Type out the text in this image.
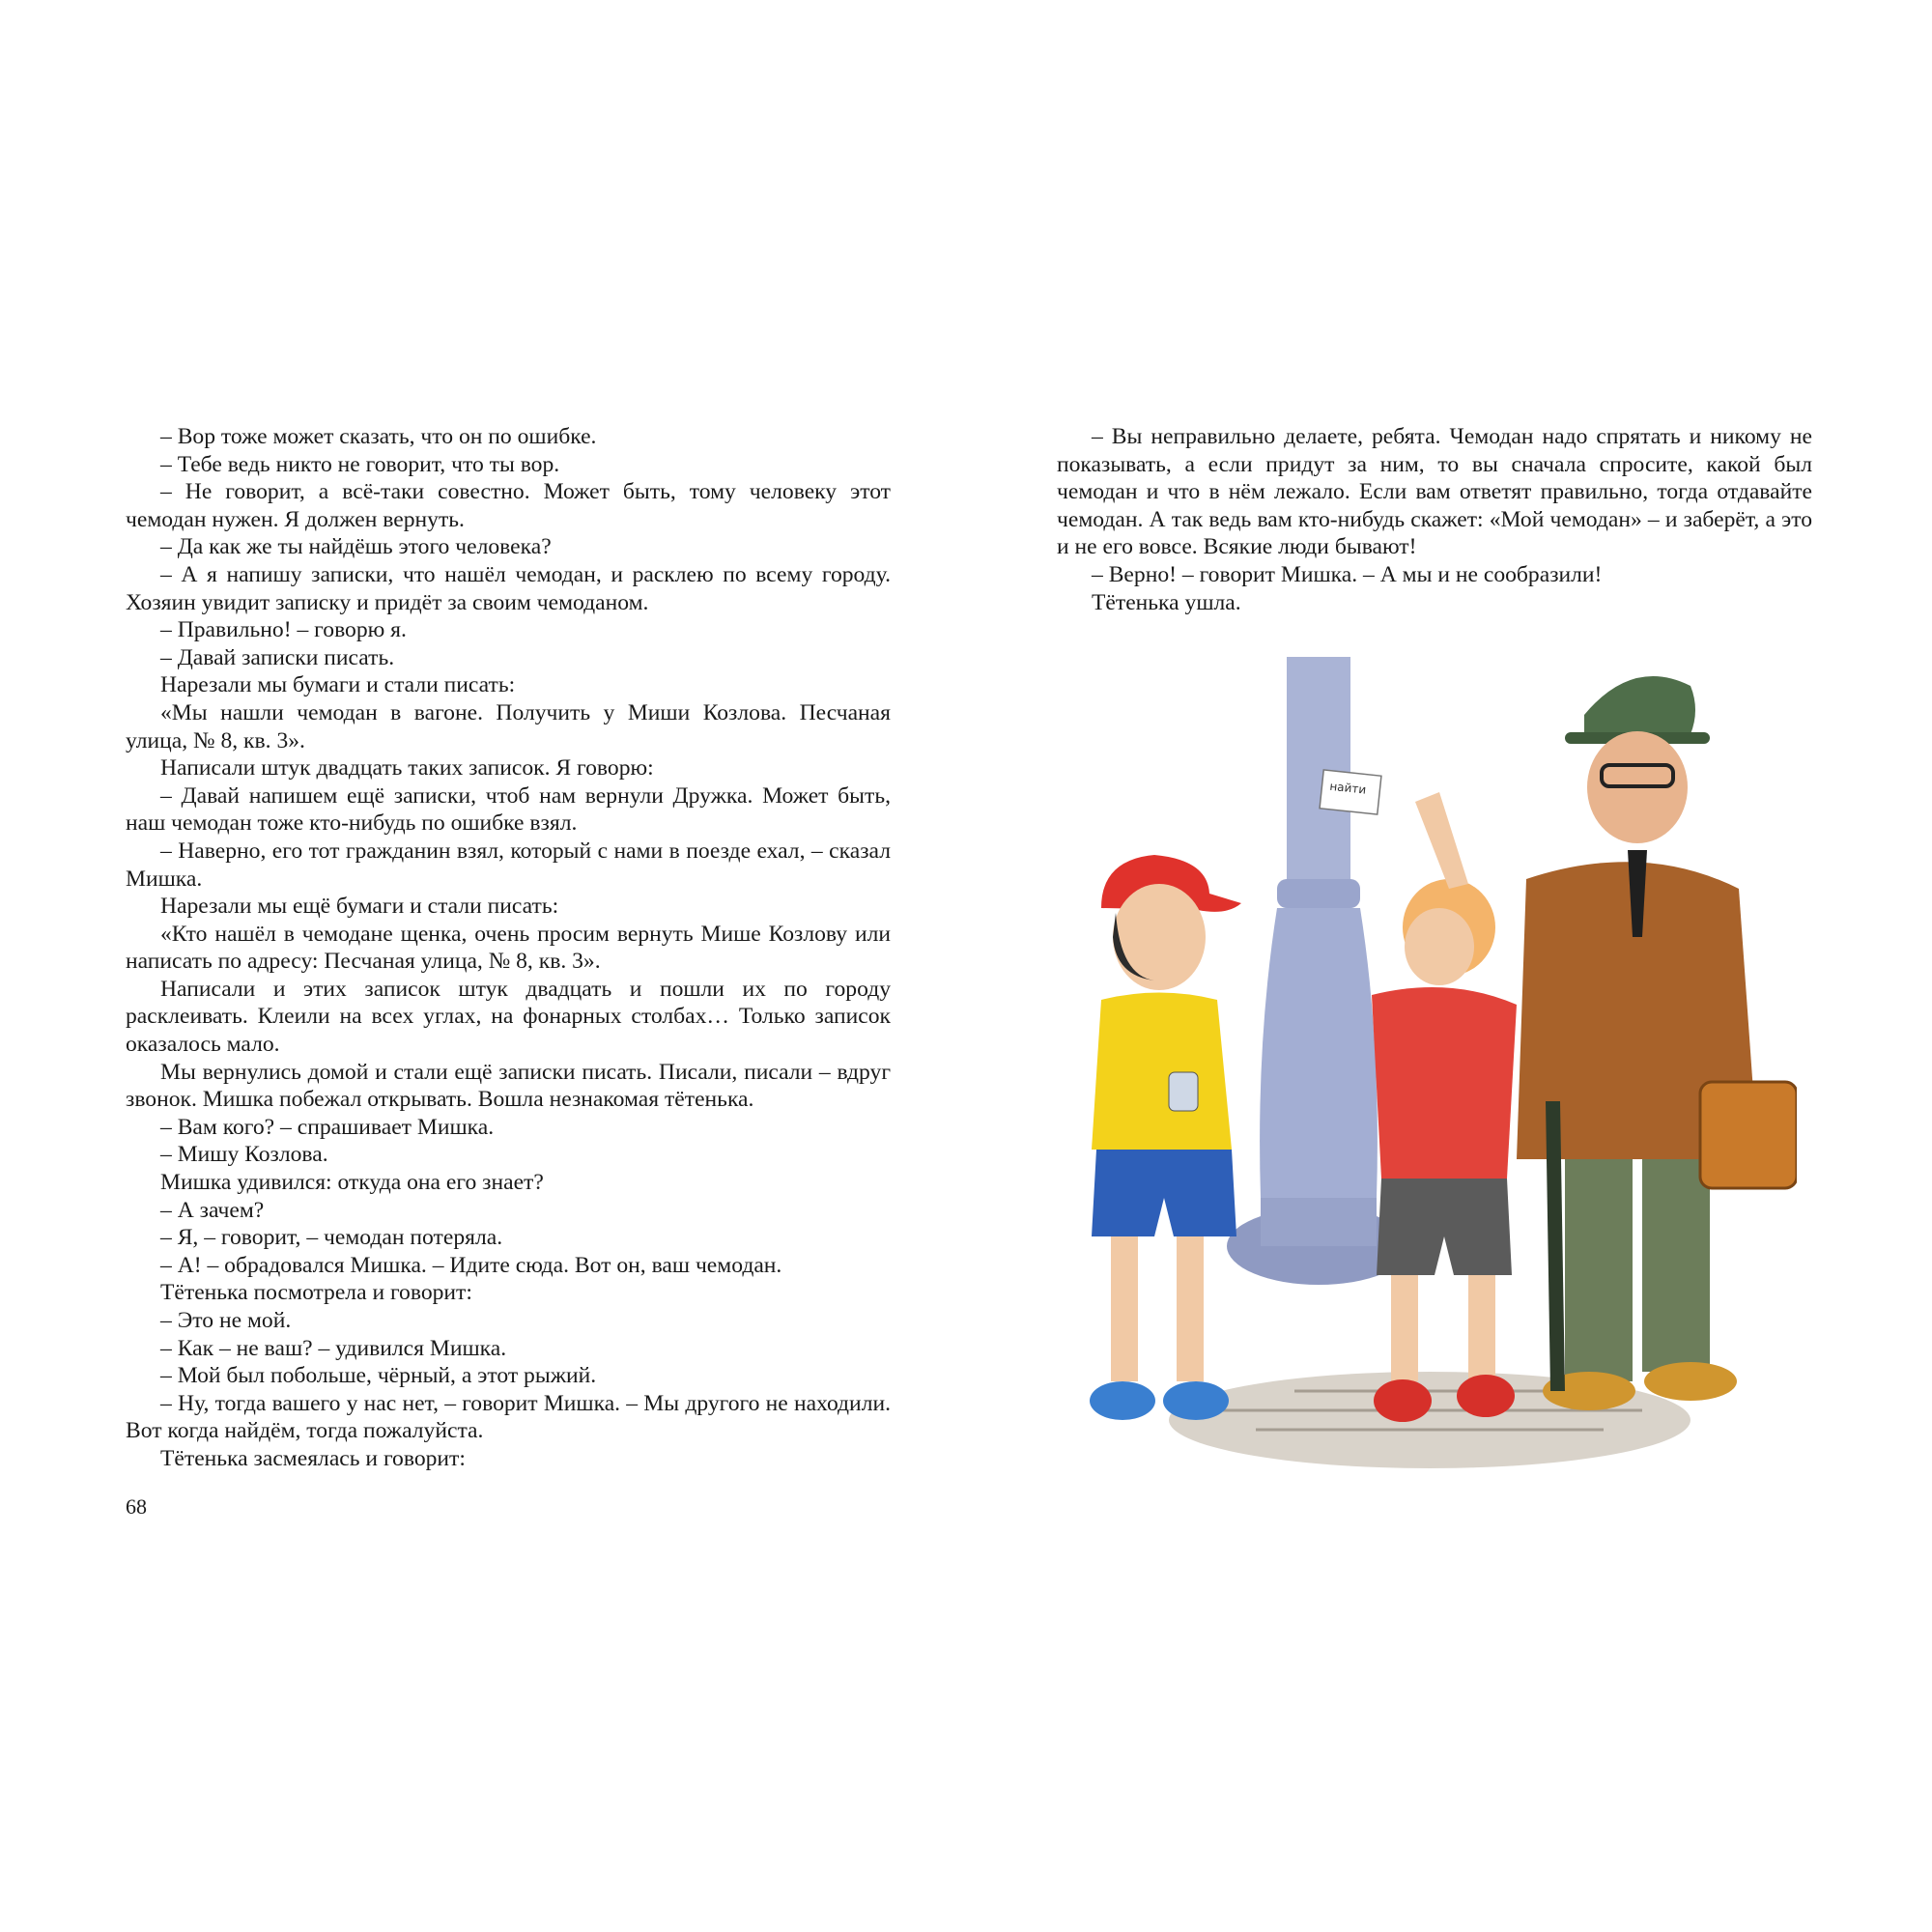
– Вор тоже может сказать, что он по ошибке.

– Тебе ведь никто не говорит, что ты вор.

– Не говорит, а всё-таки совестно. Может быть, тому человеку этот чемодан нужен. Я должен вернуть.

– Да как же ты найдёшь этого человека?

– А я напишу записки, что нашёл чемодан, и расклею по всему городу. Хозяин увидит записку и придёт за своим чемоданом.

– Правильно! – говорю я.

– Давай записки писать.

Нарезали мы бумаги и стали писать:

«Мы нашли чемодан в вагоне. Получить у Миши Козлова. Песчаная улица, № 8, кв. 3».

Написали штук двадцать таких записок. Я говорю:

– Давай напишем ещё записки, чтоб нам вернули Дружка. Может быть, наш чемодан тоже кто-нибудь по ошибке взял.

– Наверно, его тот гражданин взял, который с нами в поезде ехал, – сказал Мишка.

Нарезали мы ещё бумаги и стали писать:

«Кто нашёл в чемодане щенка, очень просим вернуть Мише Козлову или написать по адресу: Песчаная улица, № 8, кв. 3».

Написали и этих записок штук двадцать и пошли их по городу расклеивать. Клеили на всех углах, на фонарных столбах… Только записок оказалось мало.

Мы вернулись домой и стали ещё записки писать. Писали, писали – вдруг звонок. Мишка побежал открывать. Вошла незнакомая тётенька.

– Вам кого? – спрашивает Мишка.

– Мишу Козлова.

Мишка удивился: откуда она его знает?

– А зачем?

– Я, – говорит, – чемодан потеряла.

– А! – обрадовался Мишка. – Идите сюда. Вот он, ваш чемодан.

Тётенька посмотрела и говорит:

– Это не мой.

– Как – не ваш? – удивился Мишка.

– Мой был побольше, чёрный, а этот рыжий.

– Ну, тогда вашего у нас нет, – говорит Мишка. – Мы другого не находили. Вот когда найдём, тогда пожалуйста.

Тётенька засмеялась и говорит:

– Вы неправильно делаете, ребята. Чемодан надо спрятать и никому не показывать, а если придут за ним, то вы сначала спросите, какой был чемодан и что в нём лежало. Если вам ответят правильно, тогда отдавайте чемодан. А так ведь вам кто-нибудь скажет: «Мой чемодан» – и заберёт, а это и не его вовсе. Всякие люди бывают!

– Верно! – говорит Мишка. – А мы и не сообразили!

Тётенька ушла.

найти
68
